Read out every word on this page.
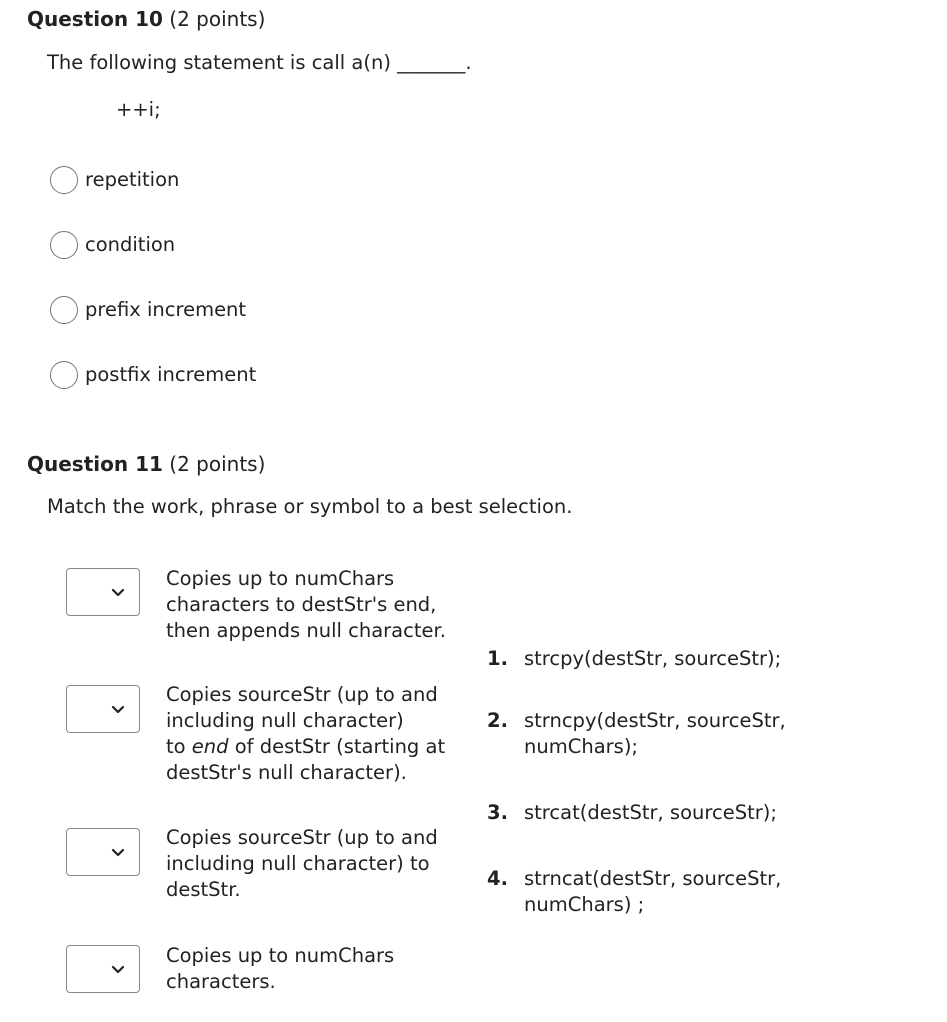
Question 10 (2 points)
The following statement is call a(n) _______.
++i;
repetition
condition
prefix increment
postfix increment
Question 11 (2 points)
Match the work, phrase or symbol to a best selection.
Copies up to numChars
characters to destStr's end,
then appends null character.
Copies sourceStr (up to and
including null character)
to end of destStr (starting at
destStr's null character).
Copies sourceStr (up to and
including null character) to
destStr.
Copies up to numChars
characters.
1. strcpy(destStr, sourceStr);
2. strncpy(destStr, sourceStr,
numChars);
3. strcat(destStr, sourceStr);
4. strncat(destStr, sourceStr,
numChars) ;
